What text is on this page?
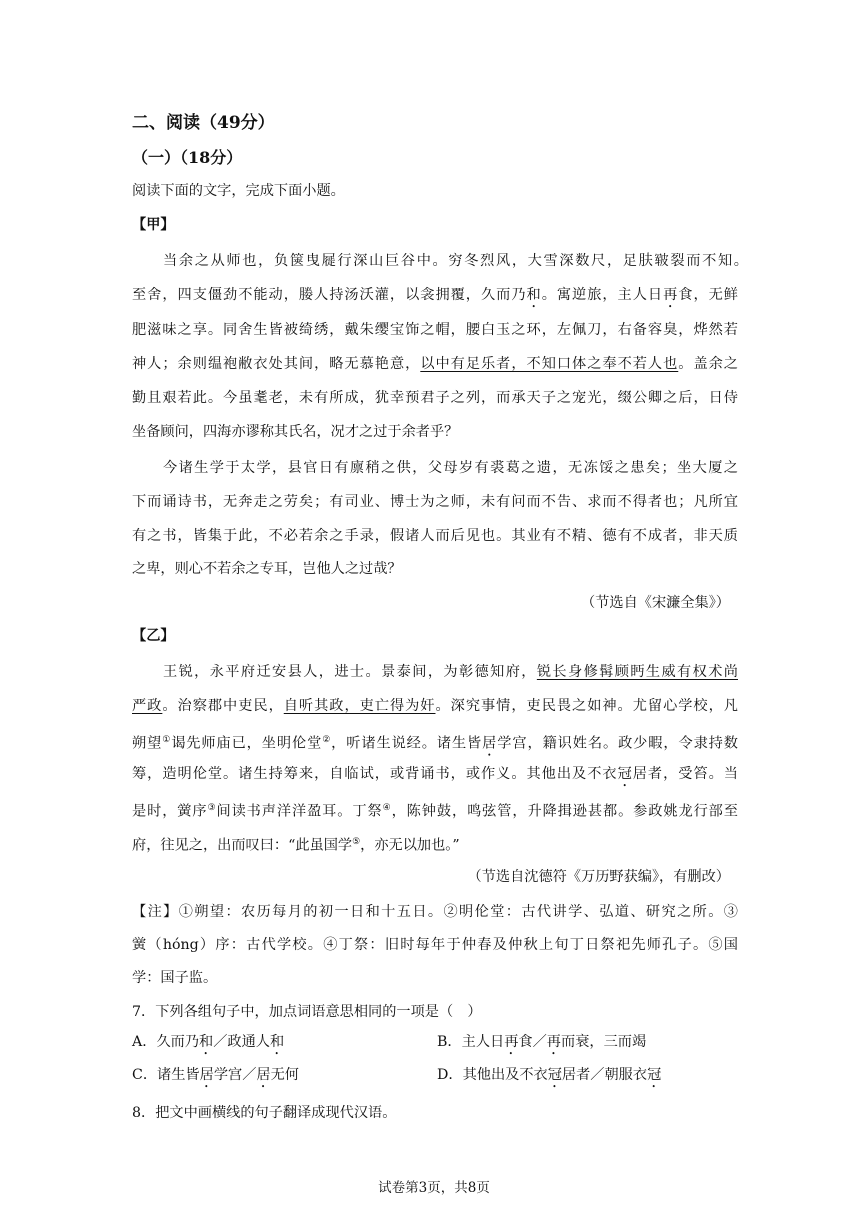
二、阅读（49分）
（一）（18分）
阅读下面的文字，完成下面小题。
【甲】
当余之从师也，负箧曳屣行深山巨谷中。穷冬烈风，大雪深数尺，足肤皲裂而不知。
至舍，四支僵劲不能动，媵人持汤沃灌，以衾拥覆，久而乃和。寓逆旅，主人日再食，无鲜
肥滋味之享。同舍生皆被绮绣，戴朱缨宝饰之帽，腰白玉之环，左佩刀，右备容臭，烨然若
神人；余则缊袍敝衣处其间，略无慕艳意，以中有足乐者，不知口体之奉不若人也。盖余之
勤且艰若此。今虽耄老，未有所成，犹幸预君子之列，而承天子之宠光，缀公卿之后，日侍
坐备顾问，四海亦谬称其氏名，况才之过于余者乎？
今诸生学于太学，县官日有廪稍之供，父母岁有裘葛之遗，无冻馁之患矣；坐大厦之
下而诵诗书，无奔走之劳矣；有司业、博士为之师，未有问而不告、求而不得者也；凡所宜
有之书，皆集于此，不必若余之手录，假诸人而后见也。其业有不精、德有不成者，非天质
之卑，则心不若余之专耳，岂他人之过哉？
（节选自《宋濂全集》）
【乙】
王锐，永平府迁安县人，进士。景泰间，为彰德知府，锐长身修髯顾眄生威有权术尚
严政。治察郡中吏民，自听其政，吏亡得为奸。深究事情，吏民畏之如神。尤留心学校，凡
朔望①谒先师庙已，坐明伦堂②，听诸生说经。诸生皆居学宫，籍识姓名。政少暇，令隶持数
筹，造明伦堂。诸生持筹来，自临试，或背诵书，或作义。其他出及不衣冠居者，受笞。当
是时，黉序③间读书声洋洋盈耳。丁祭④，陈钟鼓，鸣弦管，升降揖逊甚都。参政姚龙行部至
府，往见之，出而叹曰：“此虽国学⑤，亦无以加也。”
（节选自沈德符《万历野获编》，有删改）
【注】①朔望：农历每月的初一日和十五日。②明伦堂：古代讲学、弘道、研究之所。③
黉（hóng）序：古代学校。④丁祭：旧时每年于仲春及仲秋上旬丁日祭祀先师孔子。⑤国
学：国子监。
7．下列各组句子中，加点词语意思相同的一项是（　）
A．久而乃和／政通人和	B．主人日再食／再而衰，三而竭
C．诸生皆居学宫／居无何	D．其他出及不衣冠居者／朝服衣冠
8．把文中画横线的句子翻译成现代汉语。
试卷第3页，共8页
